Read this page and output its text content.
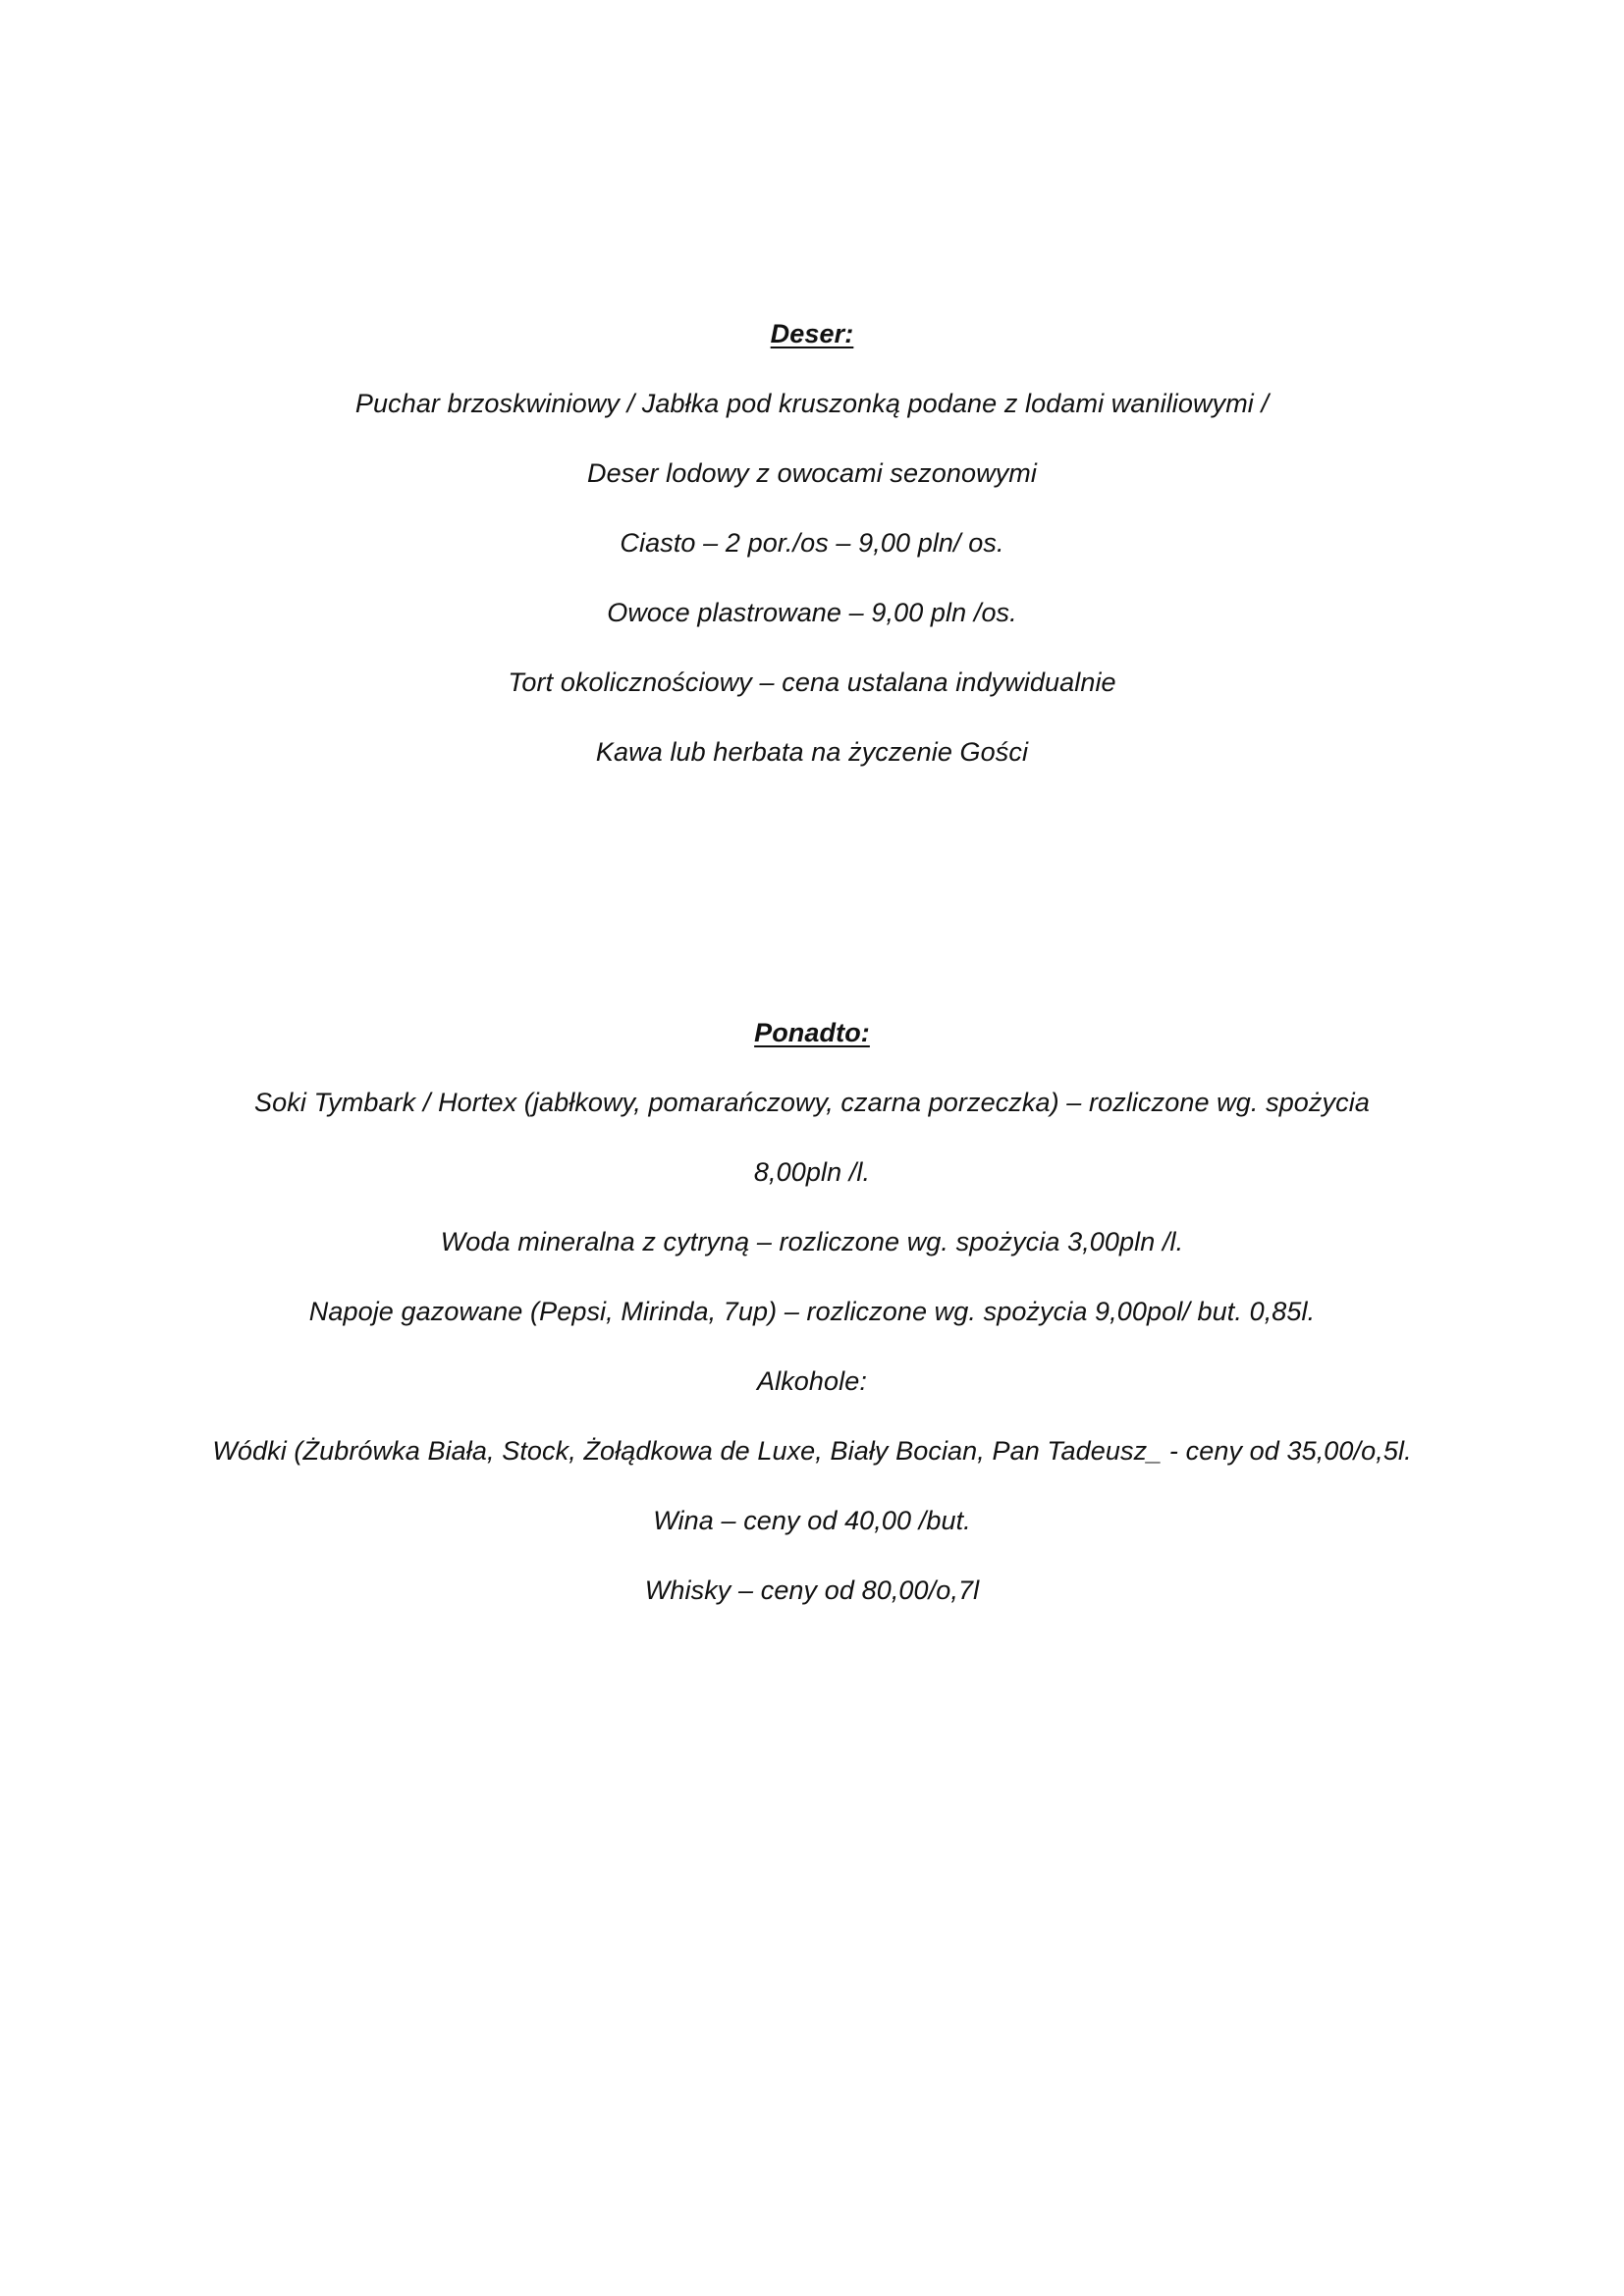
Deser:
Puchar brzoskwiniowy / Jabłka pod kruszonką podane z lodami waniliowymi /
Deser lodowy z owocami sezonowymi
Ciasto – 2 por./os – 9,00 pln/ os.
Owoce plastrowane – 9,00 pln /os.
Tort okolicznościowy – cena ustalana indywidualnie
Kawa lub herbata na życzenie Gości
Ponadto:
Soki Tymbark / Hortex (jabłkowy, pomarańczowy, czarna porzeczka) – rozliczone wg. spożycia
8,00pln /l.
Woda mineralna z cytryną – rozliczone wg. spożycia 3,00pln /l.
Napoje gazowane (Pepsi, Mirinda, 7up) – rozliczone wg. spożycia 9,00pol/ but. 0,85l.
Alkohole:
Wódki (Żubrówka Biała, Stock, Żołądkowa de Luxe, Biały Bocian, Pan Tadeusz_ - ceny od 35,00/o,5l.
Wina – ceny od 40,00 /but.
Whisky – ceny od 80,00/o,7l
